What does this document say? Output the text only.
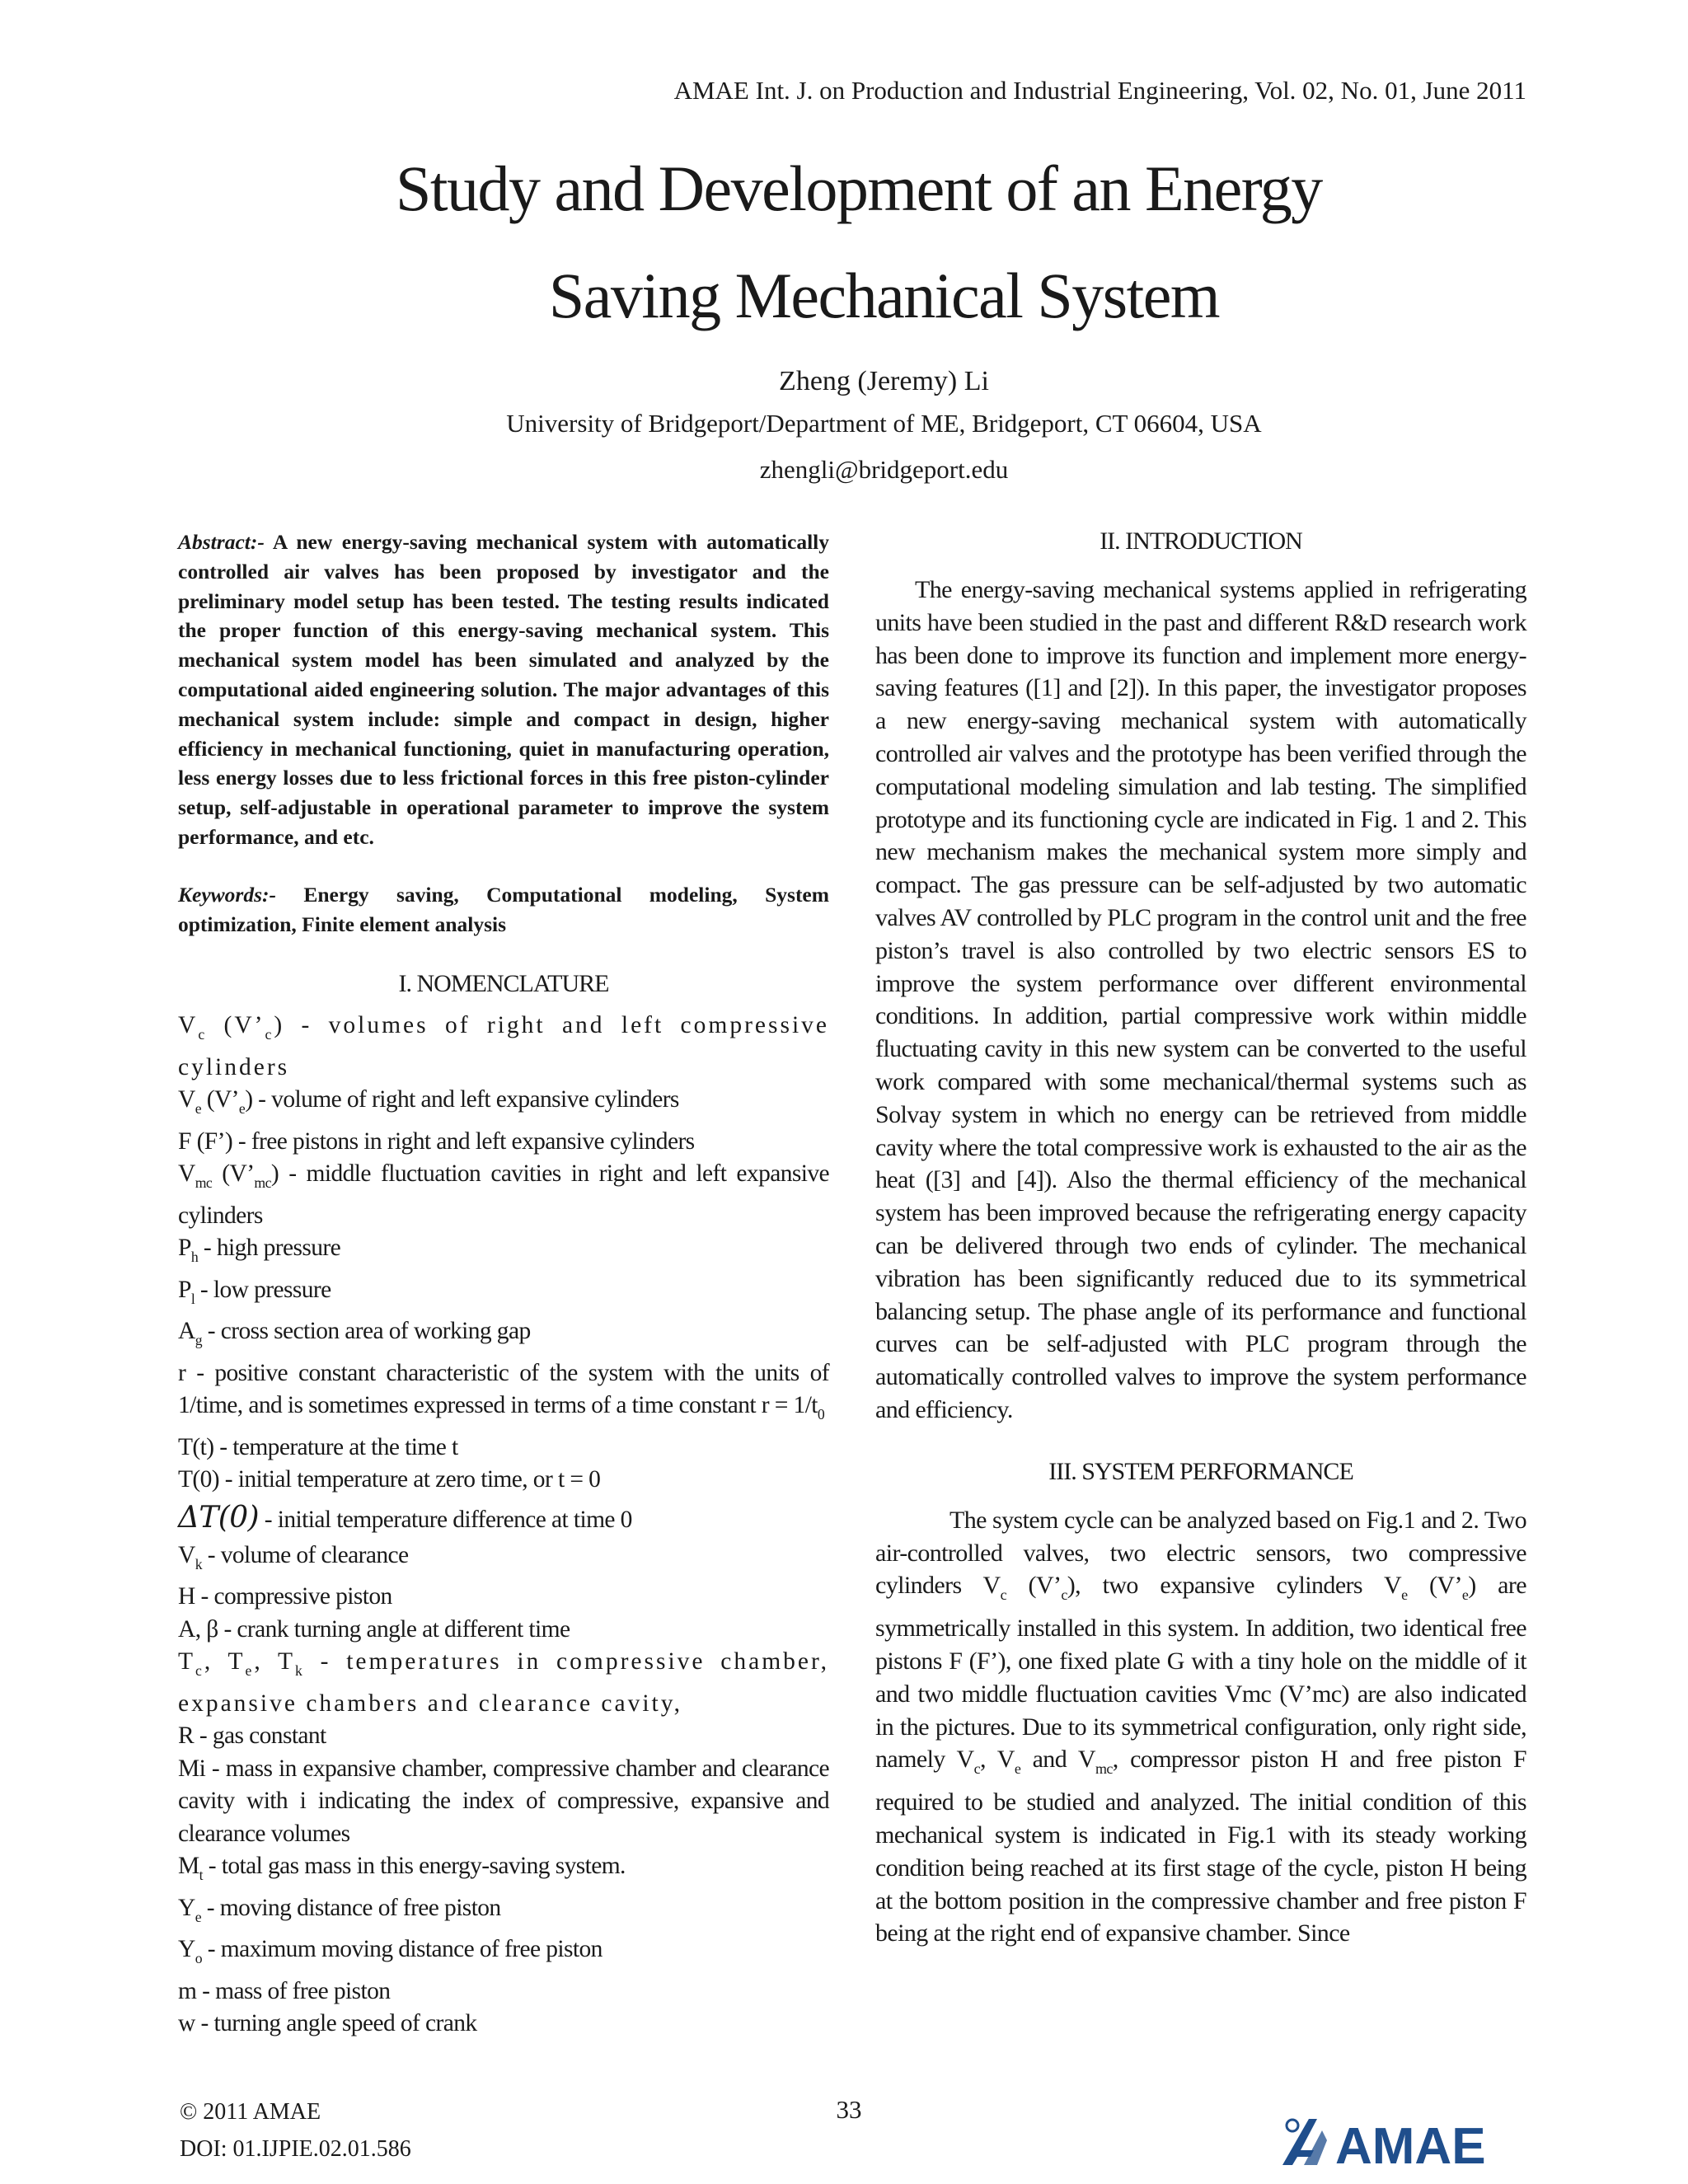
AMAE Int. J. on Production and Industrial Engineering, Vol. 02, No. 01, June 2011
Study and Development of an Energy
Saving Mechanical System
Zheng (Jeremy) Li
University of Bridgeport/Department of ME, Bridgeport, CT 06604, USA
zhengli@bridgeport.edu

Abstract:- A new energy-saving mechanical system with automatically controlled air valves has been proposed by investigator and the preliminary model setup has been tested. The testing results indicated the proper function of this energy-saving mechanical system. This mechanical system model has been simulated and analyzed by the computational aided engineering solution. The major advantages of this mechanical system include: simple and compact in design, higher efficiency in mechanical functioning, quiet in manufacturing operation, less energy losses due to less frictional forces in this free piston-cylinder setup, self-adjustable in operational parameter to improve the system performance, and etc.

Keywords:- Energy saving, Computational modeling, System optimization, Finite element analysis

I. NOMENCLATURE

$V_c$ $(V’_c)$ - volumes of right and left compressive cylinders
$V_e$ $(V’_e)$ - volume of right and left expansive cylinders
F (F’) - free pistons in right and left expansive cylinders
$V_{mc}$ $(V’_{mc})$ - middle fluctuation cavities in right and left expansive cylinders
$P_h$ - high pressure
$P_l$ - low pressure
$A_g$ - cross section area of working gap
r - positive constant characteristic of the system with the units of 1/time, and is sometimes expressed in terms of a time constant $r = 1/t_0$
T(t) - temperature at the time t
T(0) - initial temperature at zero time, or t = 0
ΔT(0) - initial temperature difference at time 0
$V_k$ - volume of clearance
H - compressive piston
A, β - crank turning angle at different time
$T_c$, $T_e$, $T_k$ - temperatures in compressive chamber, expansive chambers and clearance cavity,
R - gas constant
Mi - mass in expansive chamber, compressive chamber and clearance cavity with i indicating the index of compressive, expansive and clearance volumes
$M_t$ - total gas mass in this energy-saving system.
$Y_e$ - moving distance of free piston
$Y_o$ - maximum moving distance of free piston
m - mass of free piston
w - turning angle speed of crank

II. INTRODUCTION

The energy-saving mechanical systems applied in refrigerating units have been studied in the past and different R&D research work has been done to improve its function and implement more energy-saving features ([1] and [2]). In this paper, the investigator proposes a new energy-saving mechanical system with automatically controlled air valves and the prototype has been verified through the computational modeling simulation and lab testing. The simplified prototype and its functioning cycle are indicated in Fig. 1 and 2. This new mechanism makes the mechanical system more simply and compact. The gas pressure can be self-adjusted by two automatic valves AV controlled by PLC program in the control unit and the free piston’s travel is also controlled by two electric sensors ES to improve the system performance over different environmental conditions. In addition, partial compressive work within middle fluctuating cavity in this new system can be converted to the useful work compared with some mechanical/thermal systems such as Solvay system in which no energy can be retrieved from middle cavity where the total compressive work is exhausted to the air as the heat ([3] and [4]). Also the thermal efficiency of the mechanical system has been improved because the refrigerating energy capacity can be delivered through two ends of cylinder. The mechanical vibration has been significantly reduced due to its symmetrical balancing setup. The phase angle of its performance and functional curves can be self-adjusted with PLC program through the automatically controlled valves to improve the system performance and efficiency.

III. SYSTEM PERFORMANCE

The system cycle can be analyzed based on Fig.1 and 2. Two air-controlled valves, two electric sensors, two compressive cylinders $V_c$ $(V’_c)$, two expansive cylinders $V_e$ $(V’_e)$ are symmetrically installed in this system. In addition, two identical free pistons F (F’), one fixed plate G with a tiny hole on the middle of it and two middle fluctuation cavities Vmc (V’mc) are also indicated in the pictures. Due to its symmetrical configuration, only right side, namely $V_c$, $V_e$ and $V_{mc}$, compressor piston H and free piston F required to be studied and analyzed. The initial condition of this mechanical system is indicated in Fig.1 with its steady working condition being reached at its first stage of the cycle, piston H being at the bottom position in the compressive chamber and free piston F being at the right end of expansive chamber. Since

33
© 2011 AMAE
DOI: 01.IJPIE.02.01.586	AMAE
